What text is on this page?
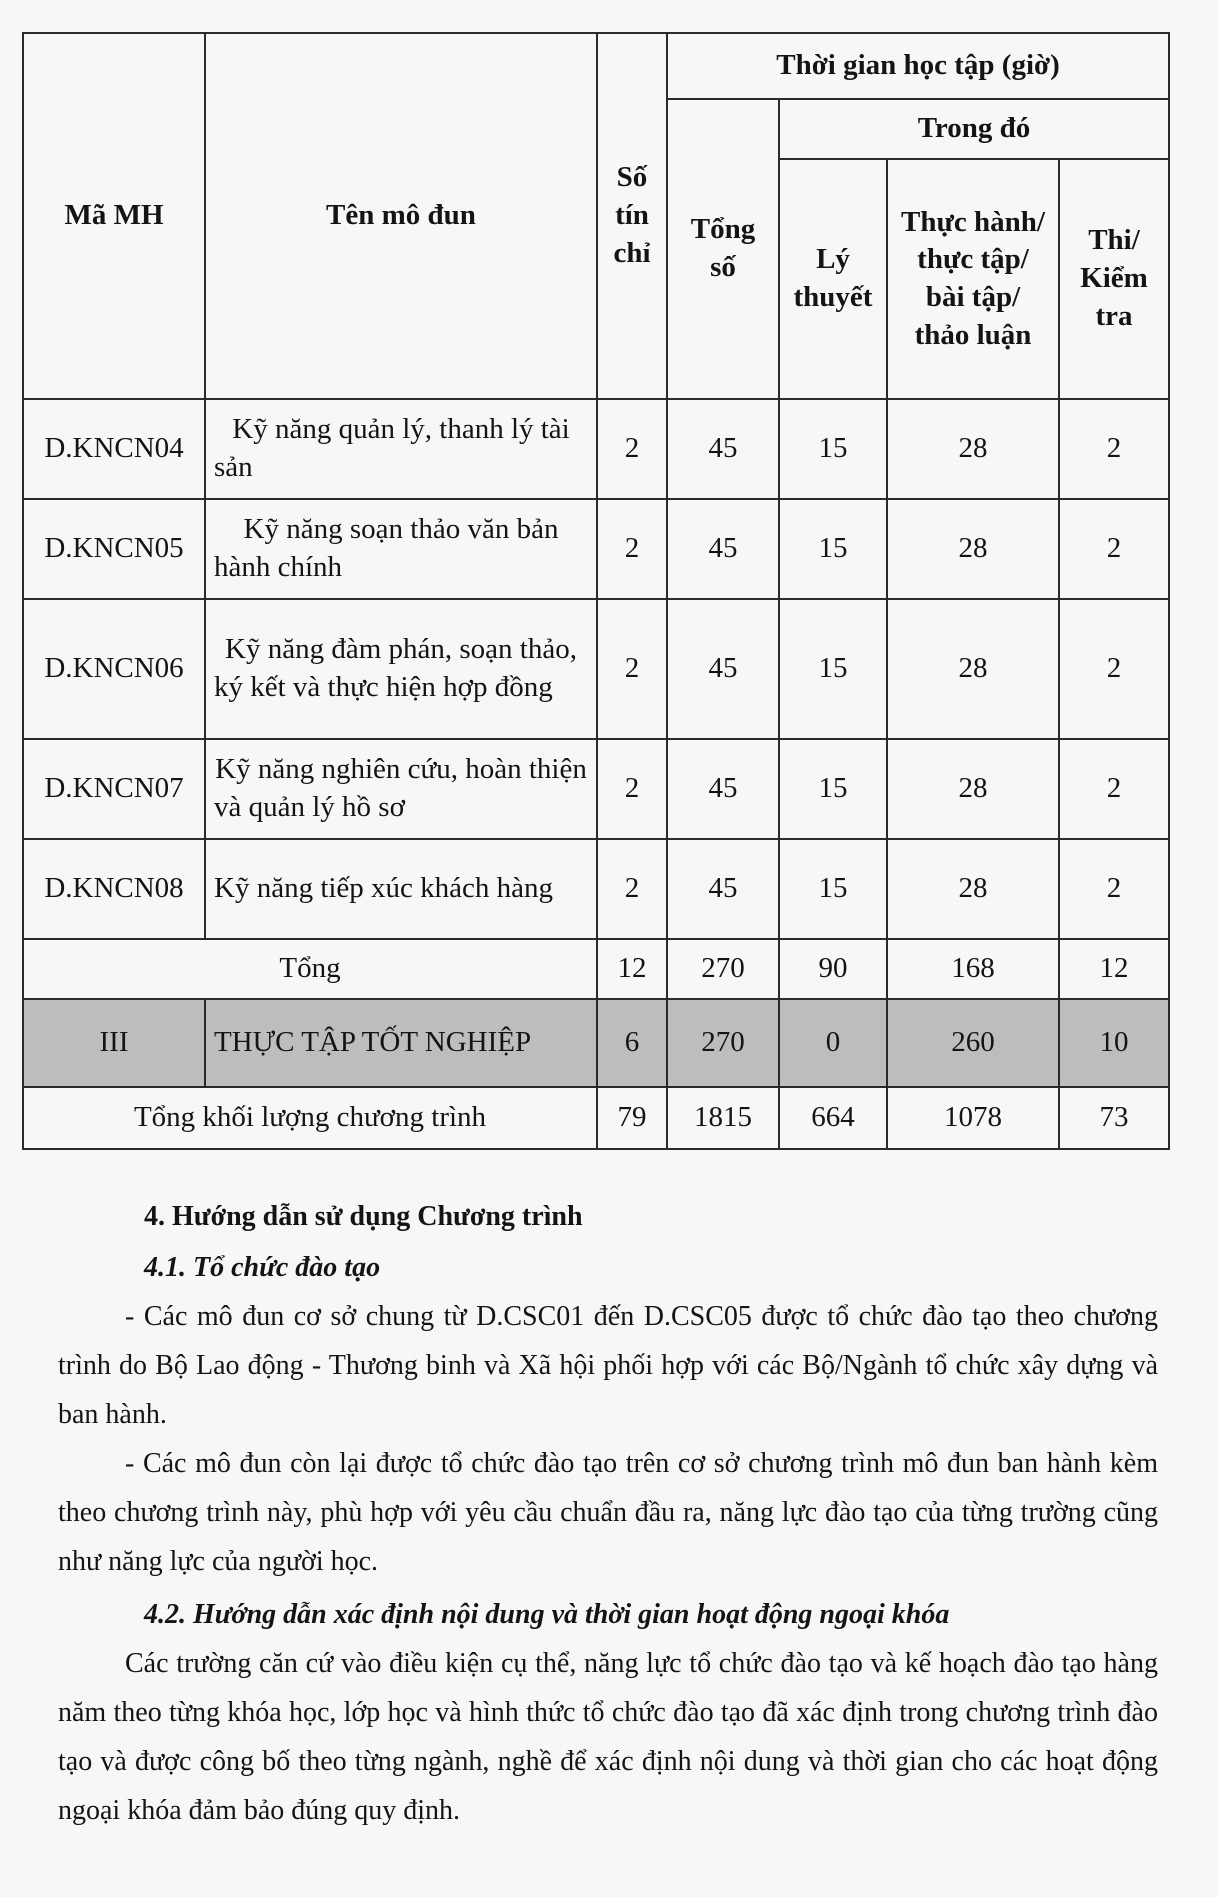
Mã MH	Tên mô đun	Số tín chỉ	Thời gian học tập (giờ)			
			Tổng số	Trong đó		
				Lý thuyết	Thực hành/ thực tập/ bài tập/ thảo luận	Thi/ Kiểm tra
D.KNCN04	Kỹ năng quản lý, thanh lý tài sản	2	45	15	28	2
D.KNCN05	Kỹ năng soạn thảo văn bản hành chính	2	45	15	28	2
D.KNCN06	Kỹ năng đàm phán, soạn thảo, ký kết và thực hiện hợp đồng	2	45	15	28	2
D.KNCN07	Kỹ năng nghiên cứu, hoàn thiện và quản lý hồ sơ	2	45	15	28	2
D.KNCN08	Kỹ năng tiếp xúc khách hàng	2	45	15	28	2
Tổng		12	270	90	168	12
III	THỰC TẬP TỐT NGHIỆP	6	270	0	260	10
Tổng khối lượng chương trình		79	1815	664	1078	73

4. Hướng dẫn sử dụng Chương trình

4.1. Tổ chức đào tạo

- Các mô đun cơ sở chung từ D.CSC01 đến D.CSC05 được tổ chức đào tạo theo chương trình do Bộ Lao động - Thương binh và Xã hội phối hợp với các Bộ/Ngành tổ chức xây dựng và ban hành.

- Các mô đun còn lại được tổ chức đào tạo trên cơ sở chương trình mô đun ban hành kèm theo chương trình này, phù hợp với yêu cầu chuẩn đầu ra, năng lực đào tạo của từng trường cũng như năng lực của người học.

4.2. Hướng dẫn xác định nội dung và thời gian hoạt động ngoại khóa

Các trường căn cứ vào điều kiện cụ thể, năng lực tổ chức đào tạo và kế hoạch đào tạo hàng năm theo từng khóa học, lớp học và hình thức tổ chức đào tạo đã xác định trong chương trình đào tạo và được công bố theo từng ngành, nghề để xác định nội dung và thời gian cho các hoạt động ngoại khóa đảm bảo đúng quy định.
